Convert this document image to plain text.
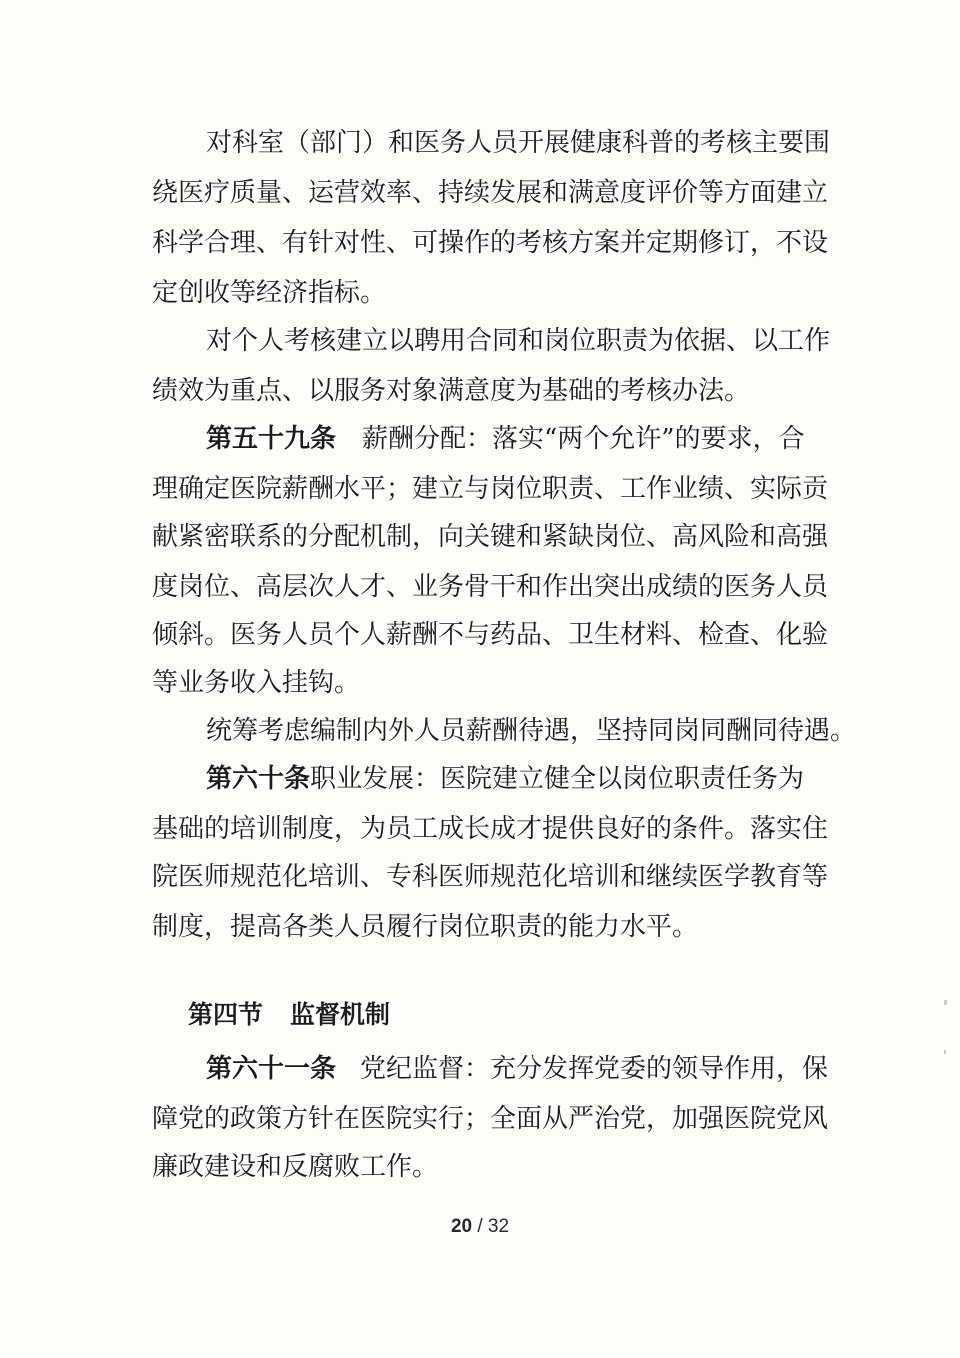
对科室（部门）和医务人员开展健康科普的考核主要围
绕医疗质量、运营效率、持续发展和满意度评价等方面建立
科学合理、有针对性、可操作的考核方案并定期修订，不设
定创收等经济指标。
对个人考核建立以聘用合同和岗位职责为依据、以工作
绩效为重点、以服务对象满意度为基础的考核办法。
第五十九条 薪酬分配：落实“两个允许”的要求，合
理确定医院薪酬水平；建立与岗位职责、工作业绩、实际贡
献紧密联系的分配机制，向关键和紧缺岗位、高风险和高强
度岗位、高层次人才、业务骨干和作出突出成绩的医务人员
倾斜。医务人员个人薪酬不与药品、卫生材料、检查、化验
等业务收入挂钩。
统筹考虑编制内外人员薪酬待遇，坚持同岗同酬同待遇。
第六十条 职业发展：医院建立健全以岗位职责任务为
基础的培训制度，为员工成长成才提供良好的条件。落实住
院医师规范化培训、专科医师规范化培训和继续医学教育等
制度，提高各类人员履行岗位职责的能力水平。
第四节 监督机制
第六十一条 党纪监督：充分发挥党委的领导作用，保
障党的政策方针在医院实行；全面从严治党，加强医院党风
廉政建设和反腐败工作。
20 / 32
